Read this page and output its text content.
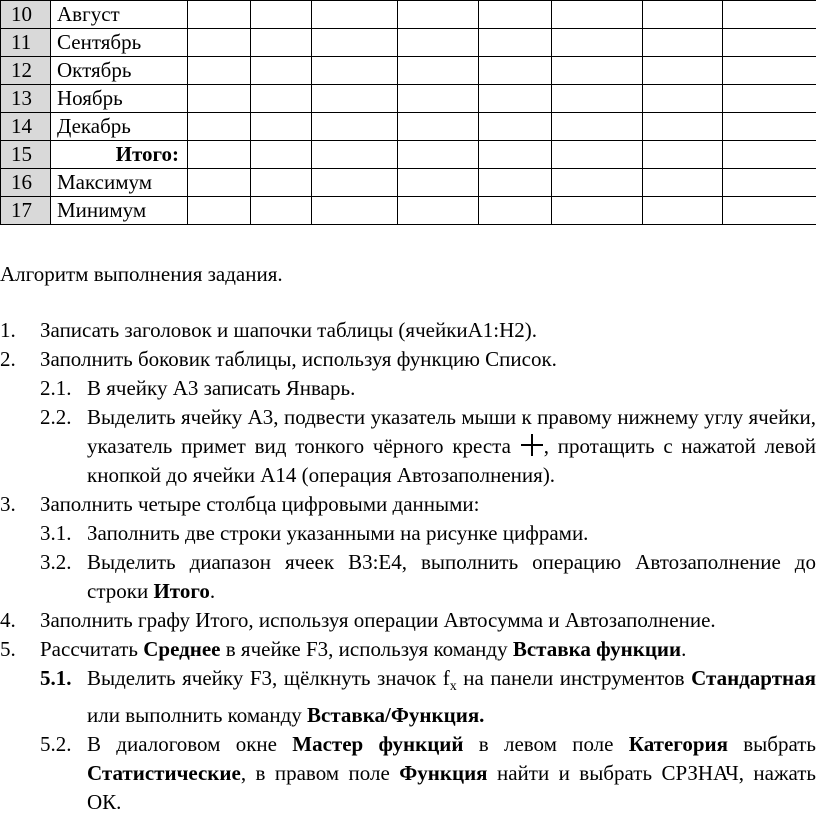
10	Август								
11	Сентябрь								
12	Октябрь								
13	Ноябрь								
14	Декабрь								
15	Итого:								
16	Максимум								
17	Минимум								
Алгоритм выполнения задания.
1. Записать заголовок и шапочки таблицы (ячейкиA1:H2).
2. Заполнить боковик таблицы, используя функцию Список.
2.1. В ячейку А3 записать Январь.
2.2. Выделить ячейку А3, подвести указатель мыши к правому нижнему углу ячейки, указатель примет вид тонкого чёрного креста , протащить с нажатой левой кнопкой до ячейки А14 (операция Автозаполнения).
3. Заполнить четыре столбца цифровыми данными:
3.1. Заполнить две строки указанными на рисунке цифрами.
3.2. Выделить диапазон ячеек В3:Е4, выполнить операцию Автозаполнение до строки Итого.
4. Заполнить графу Итого, используя операции Автосумма и Автозаполнение.
5. Рассчитать Среднее в ячейке F3, используя команду Вставка функции.
5.1. Выделить ячейку F3, щёлкнуть значок $f_x$ на панели инструментов Стандартная или выполнить команду Вставка/Функция.
5.2. В диалоговом окне Мастер функций в левом поле Категория выбрать Статистические, в правом поле Функция найти и выбрать СРЗНАЧ, нажать ОК.
